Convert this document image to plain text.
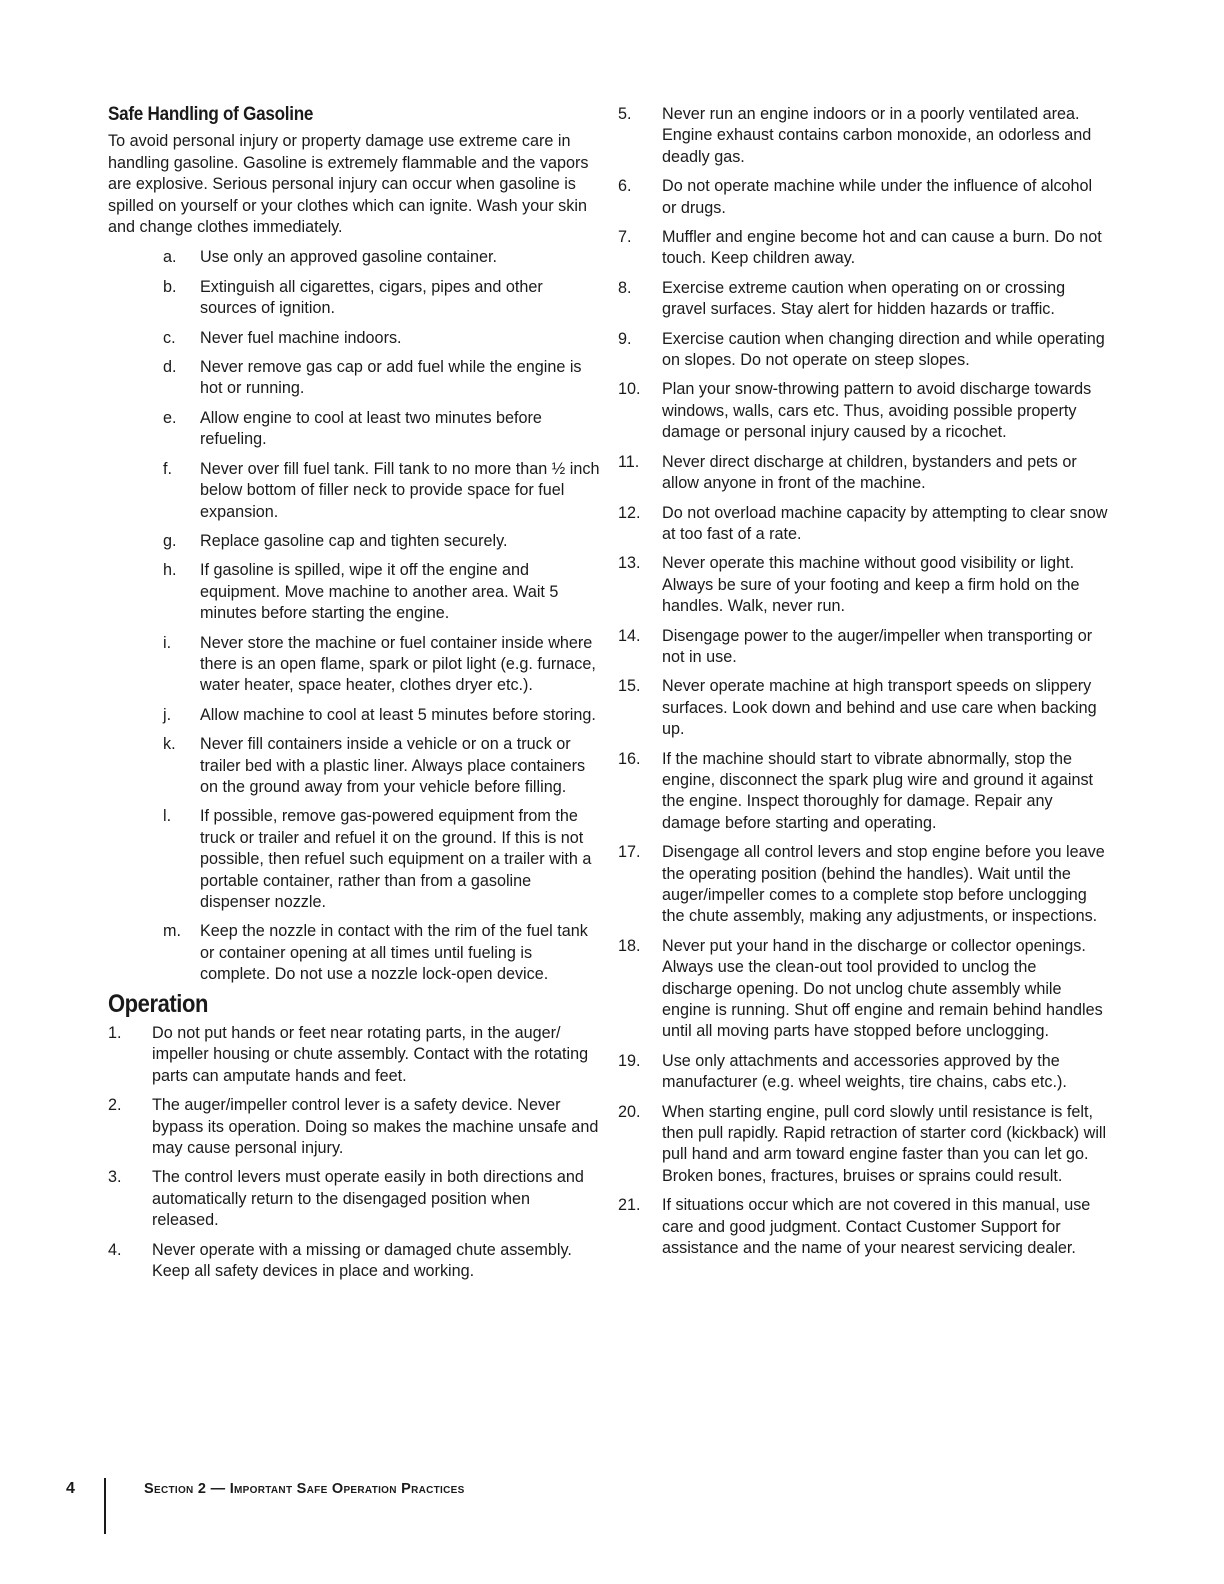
Safe Handling of Gasoline

To avoid personal injury or property damage use extreme care in handling gasoline. Gasoline is extremely flammable and the vapors are explosive. Serious personal injury can occur when gasoline is spilled on yourself or your clothes which can ignite. Wash your skin and change clothes immediately.

a.	Use only an approved gasoline container.
b.	Extinguish all cigarettes, cigars, pipes and other sources of ignition.
c.	Never fuel machine indoors.
d.	Never remove gas cap or add fuel while the engine is hot or running.
e.	Allow engine to cool at least two minutes before refueling.
f.	Never over fill fuel tank. Fill tank to no more than ½ inch below bottom of filler neck to provide space for fuel expansion.
g.	Replace gasoline cap and tighten securely.
h.	If gasoline is spilled, wipe it off the engine and equipment. Move machine to another area. Wait 5 minutes before starting the engine.
i.	Never store the machine or fuel container inside where there is an open flame, spark or pilot light (e.g. furnace, water heater, space heater, clothes dryer etc.).
j.	Allow machine to cool at least 5 minutes before storing.
k.	Never fill containers inside a vehicle or on a truck or trailer bed with a plastic liner. Always place containers on the ground away from your vehicle before filling.
l.	If possible, remove gas-powered equipment from the truck or trailer and refuel it on the ground. If this is not possible, then refuel such equipment on a trailer with a portable container, rather than from a gasoline dispenser nozzle.
m.	Keep the nozzle in contact with the rim of the fuel tank or container opening at all times until fueling is complete. Do not use a nozzle lock-open device.
Operation
1.	Do not put hands or feet near rotating parts, in the auger/ impeller housing or chute assembly. Contact with the rotating parts can amputate hands and feet.
2.	The auger/impeller control lever is a safety device. Never bypass its operation. Doing so makes the machine unsafe and may cause personal injury.
3.	The control levers must operate easily in both directions and automatically return to the disengaged position when released.
4.	Never operate with a missing or damaged chute assembly. Keep all safety devices in place and working.
5.	Never run an engine indoors or in a poorly ventilated area. Engine exhaust contains carbon monoxide, an odorless and deadly gas.
6.	Do not operate machine while under the influence of alcohol or drugs.
7.	Muffler and engine become hot and can cause a burn. Do not touch. Keep children away.
8.	Exercise extreme caution when operating on or crossing gravel surfaces. Stay alert for hidden hazards or traffic.
9.	Exercise caution when changing direction and while operating on slopes. Do not operate on steep slopes.
10.	Plan your snow-throwing pattern to avoid discharge towards windows, walls, cars etc. Thus, avoiding possible property damage or personal injury caused by a ricochet.
11.	Never direct discharge at children, bystanders and pets or allow anyone in front of the machine.
12.	Do not overload machine capacity by attempting to clear snow at too fast of a rate.
13.	Never operate this machine without good visibility or light. Always be sure of your footing and keep a firm hold on the handles. Walk, never run.
14.	Disengage power to the auger/impeller when transporting or not in use.
15.	Never operate machine at high transport speeds on slippery surfaces. Look down and behind and use care when backing up.
16.	If the machine should start to vibrate abnormally, stop the engine, disconnect the spark plug wire and ground it against the engine. Inspect thoroughly for damage. Repair any damage before starting and operating.
17.	Disengage all control levers and stop engine before you leave the operating position (behind the handles). Wait until the auger/impeller comes to a complete stop before unclogging the chute assembly, making any adjustments, or inspections.
18.	Never put your hand in the discharge or collector openings. Always use the clean-out tool provided to unclog the discharge opening. Do not unclog chute assembly while engine is running. Shut off engine and remain behind handles until all moving parts have stopped before unclogging.
19.	Use only attachments and accessories approved by the manufacturer (e.g. wheel weights, tire chains, cabs etc.).
20.	When starting engine, pull cord slowly until resistance is felt, then pull rapidly. Rapid retraction of starter cord (kickback) will pull hand and arm toward engine faster than you can let go. Broken bones, fractures, bruises or sprains could result.
21.	If situations occur which are not covered in this manual, use care and good judgment. Contact Customer Support for assistance and the name of your nearest servicing dealer.
4	Section 2 — Important Safe Operation Practices
